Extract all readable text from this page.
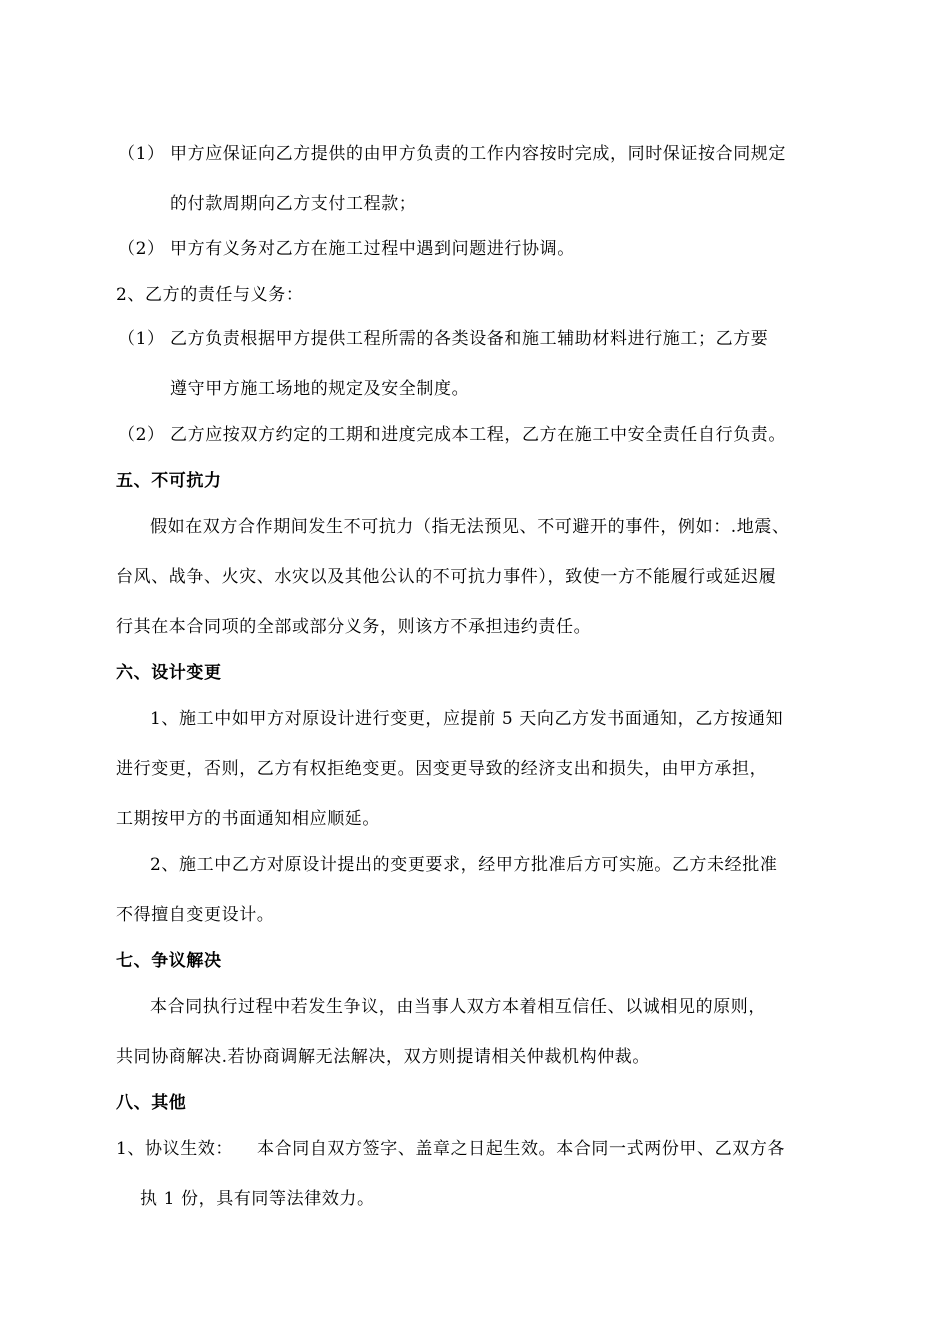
（1） 甲方应保证向乙方提供的由甲方负责的工作内容按时完成，同时保证按合同规定
的付款周期向乙方支付工程款；
（2） 甲方有义务对乙方在施工过程中遇到问题进行协调。
2、乙方的责任与义务：
（1） 乙方负责根据甲方提供工程所需的各类设备和施工辅助材料进行施工；乙方要
遵守甲方施工场地的规定及安全制度。
（2） 乙方应按双方约定的工期和进度完成本工程，乙方在施工中安全责任自行负责。
五、不可抗力
假如在双方合作期间发生不可抗力（指无法预见、不可避开的事件，例如：.地震、
台风、战争、火灾、水灾以及其他公认的不可抗力事件），致使一方不能履行或延迟履
行其在本合同项的全部或部分义务，则该方不承担违约责任。
六、设计变更
1、施工中如甲方对原设计进行变更，应提前 5 天向乙方发书面通知，乙方按通知
进行变更，否则，乙方有权拒绝变更。因变更导致的经济支出和损失，由甲方承担，
工期按甲方的书面通知相应顺延。
2、施工中乙方对原设计提出的变更要求，经甲方批准后方可实施。乙方未经批准
不得擅自变更设计。
七、争议解决
本合同执行过程中若发生争议，由当事人双方本着相互信任、以诚相见的原则，
共同协商解决.若协商调解无法解决，双方则提请相关仲裁机构仲裁。
八、其他
1、协议生效：    本合同自双方签字、盖章之日起生效。本合同一式两份甲、乙双方各
执 1 份，具有同等法律效力。
